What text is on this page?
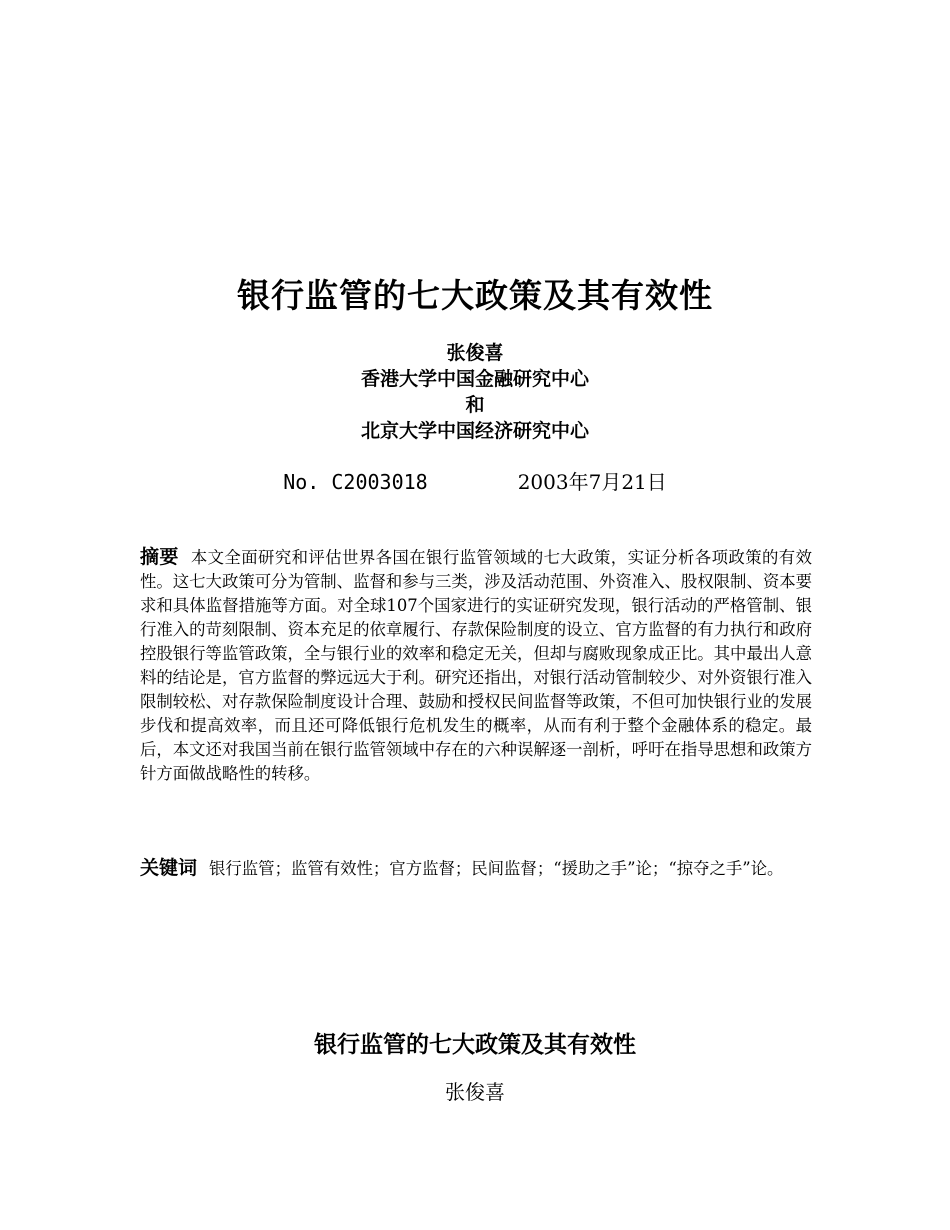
银行监管的七大政策及其有效性
张俊喜
香港大学中国金融研究中心
和
北京大学中国经济研究中心
No. C2003018	2003年7月21日
摘要 本文全面研究和评估世界各国在银行监管领域的七大政策，实证分析各项政策的有效性。这七大政策可分为管制、监督和参与三类，涉及活动范围、外资准入、股权限制、资本要求和具体监督措施等方面。对全球107个国家进行的实证研究发现，银行活动的严格管制、银行准入的苛刻限制、资本充足的依章履行、存款保险制度的设立、官方监督的有力执行和政府控股银行等监管政策，全与银行业的效率和稳定无关，但却与腐败现象成正比。其中最出人意料的结论是，官方监督的弊远远大于利。研究还指出，对银行活动管制较少、对外资银行准入限制较松、对存款保险制度设计合理、鼓励和授权民间监督等政策，不但可加快银行业的发展步伐和提高效率，而且还可降低银行危机发生的概率，从而有利于整个金融体系的稳定。最后，本文还对我国当前在银行监管领域中存在的六种误解逐一剖析，呼吁在指导思想和政策方针方面做战略性的转移。
关键词 银行监管；监管有效性；官方监督；民间监督；“援助之手”论；“掠夺之手”论。
银行监管的七大政策及其有效性
张俊喜
